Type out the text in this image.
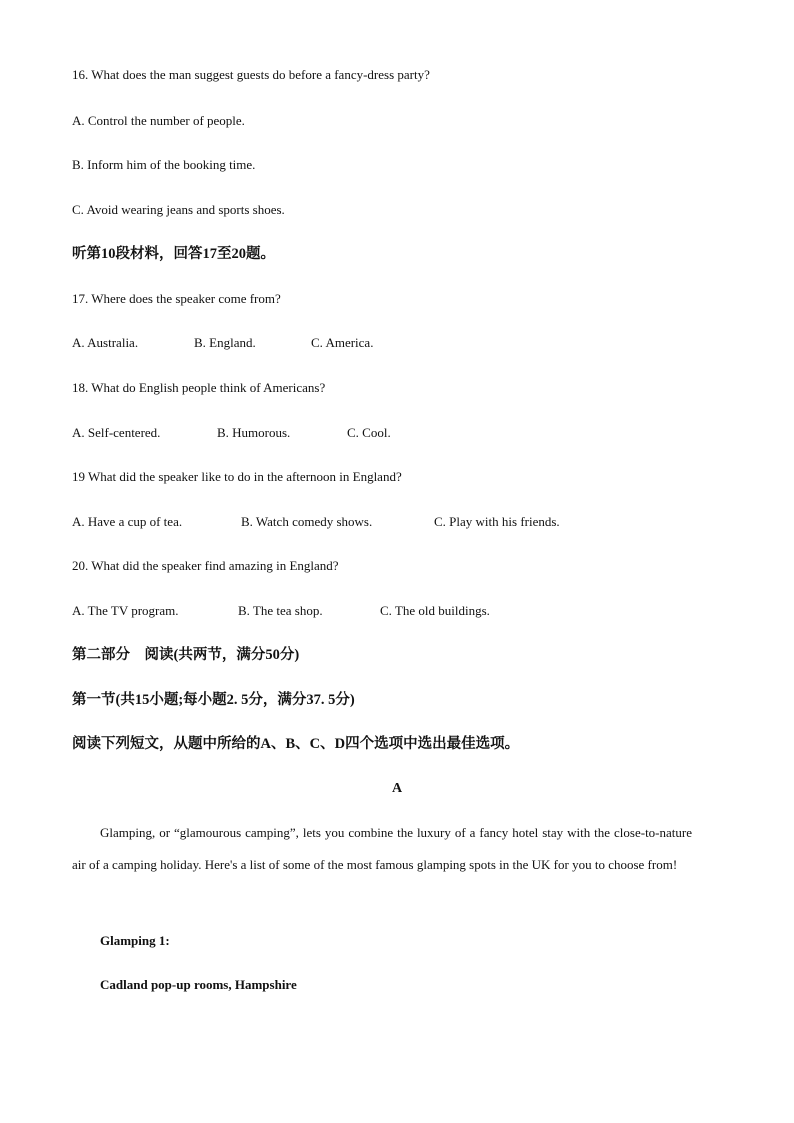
16. What does the man suggest guests do before a fancy-dress party?
A. Control the number of people.
B. Inform him of the booking time.
C. Avoid wearing jeans and sports shoes.
听第10段材料，回答17至20题。
17. Where does the speaker come from?
A. Australia.	B. England.	C. America.
18. What do English people think of Americans?
A. Self-centered.	B. Humorous.	C. Cool.
19 What did the speaker like to do in the afternoon in England?
A. Have a cup of tea.	B. Watch comedy shows.	C. Play with his friends.
20. What did the speaker find amazing in England?
A. The TV program.	B. The tea shop.	C. The old buildings.
第二部分　阅读(共两节，满分50分)
第一节(共15小题;每小题2. 5分，满分37. 5分)
阅读下列短文，从题中所给的A、B、C、D四个选项中选出最佳选项。
A
Glamping, or “glamourous camping”, lets you combine the luxury of a fancy hotel stay with the close-to-nature air of a camping holiday. Here's a list of some of the most famous glamping spots in the UK for you to choose from!
Glamping 1:
Cadland pop-up rooms, Hampshire
